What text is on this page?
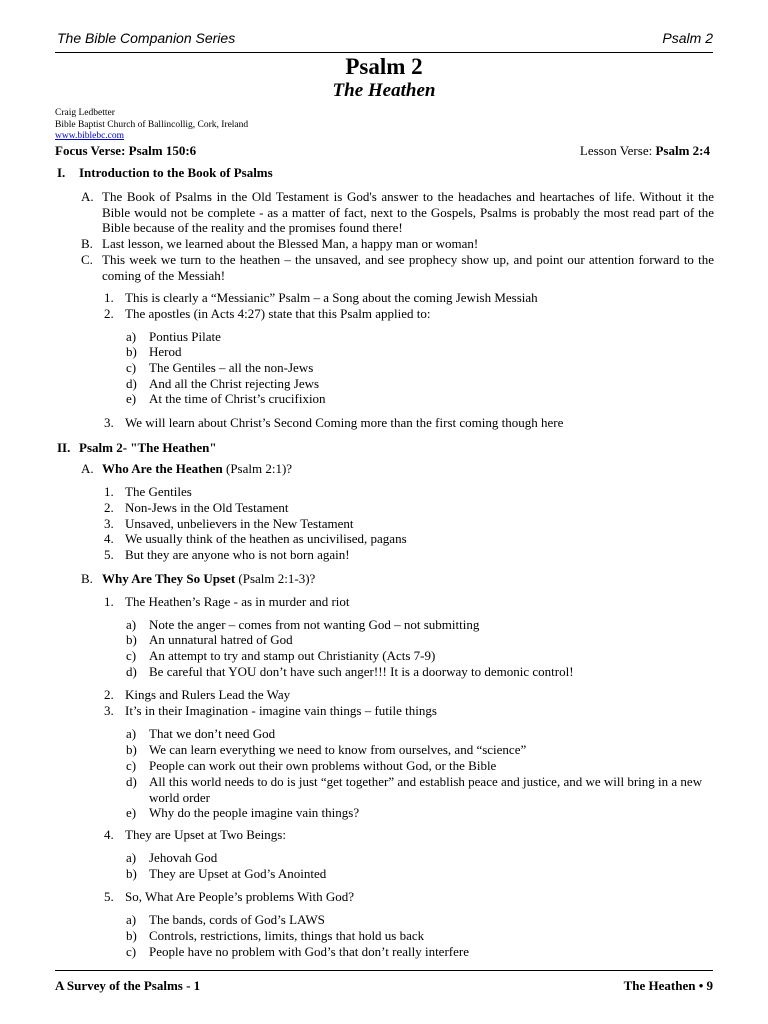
The Bible Companion Series	Psalm 2
Psalm 2
The Heathen
Craig Ledbetter
Bible Baptist Church of Ballincollig, Cork, Ireland
www.biblebc.com
Focus Verse: Psalm 150:6	Lesson Verse: Psalm 2:4
I. Introduction to the Book of Psalms
A. The Book of Psalms in the Old Testament is God's answer to the headaches and heartaches of life. Without it the Bible would not be complete - as a matter of fact, next to the Gospels, Psalms is probably the most read part of the Bible because of the reality and the promises found there!
B. Last lesson, we learned about the Blessed Man, a happy man or woman!
C. This week we turn to the heathen – the unsaved, and see prophecy show up, and point our attention forward to the coming of the Messiah!
1. This is clearly a “Messianic” Psalm – a Song about the coming Jewish Messiah
2. The apostles (in Acts 4:27) state that this Psalm applied to:
a) Pontius Pilate
b) Herod
c) The Gentiles – all the non-Jews
d) And all the Christ rejecting Jews
e) At the time of Christ’s crucifixion
3. We will learn about Christ’s Second Coming more than the first coming though here
II. Psalm 2- "The Heathen"
A. Who Are the Heathen (Psalm 2:1)?
1. The Gentiles
2. Non-Jews in the Old Testament
3. Unsaved, unbelievers in the New Testament
4. We usually think of the heathen as uncivilised, pagans
5. But they are anyone who is not born again!
B. Why Are They So Upset (Psalm 2:1-3)?
1. The Heathen’s Rage - as in murder and riot
a) Note the anger – comes from not wanting God – not submitting
b) An unnatural hatred of God
c) An attempt to try and stamp out Christianity (Acts 7-9)
d) Be careful that YOU don’t have such anger!!! It is a doorway to demonic control!
2. Kings and Rulers Lead the Way
3. It’s in their Imagination - imagine vain things – futile things
a) That we don’t need God
b) We can learn everything we need to know from ourselves, and “science”
c) People can work out their own problems without God, or the Bible
d) All this world needs to do is just “get together” and establish peace and justice, and we will bring in a new world order
e) Why do the people imagine vain things?
4. They are Upset at Two Beings:
a) Jehovah God
b) They are Upset at God’s Anointed
5. So, What Are People’s problems With God?
a) The bands, cords of God’s LAWS
b) Controls, restrictions, limits, things that hold us back
c) People have no problem with God’s that don’t really interfere
A Survey of the Psalms - 1	The Heathen • 9
